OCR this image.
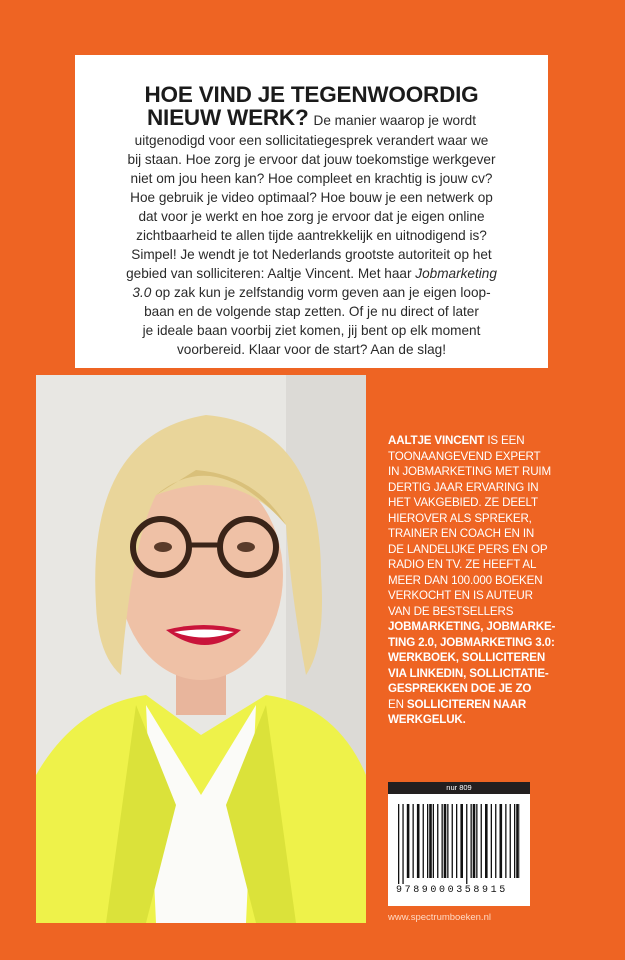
HOE VIND JE TEGENWOORDIG
NIEUW WERK? De manier waarop je wordt
uitgenodigd voor een sollicitatiegesprek verandert waar we
bij staan. Hoe zorg je ervoor dat jouw toekomstige werkgever
niet om jou heen kan? Hoe compleet en krachtig is jouw cv?
Hoe gebruik je video optimaal? Hoe bouw je een netwerk op
dat voor je werkt en hoe zorg je ervoor dat je eigen online
zichtbaarheid te allen tijde aantrekkelijk en uitnodigend is?
Simpel! Je wendt je tot Nederlands grootste autoriteit op het
gebied van solliciteren: Aaltje Vincent. Met haar Jobmarketing
3.0 op zak kun je zelfstandig vorm geven aan je eigen loop-
baan en de volgende stap zetten. Of je nu direct of later
je ideale baan voorbij ziet komen, jij bent op elk moment
voorbereid. Klaar voor de start? Aan de slag!
AALTJE VINCENT IS EEN
TOONAANGEVEND EXPERT
IN JOBMARKETING MET RUIM
DERTIG JAAR ERVARING IN
HET VAKGEBIED. ZE DEELT
HIEROVER ALS SPREKER,
TRAINER EN COACH EN IN
DE LANDELIJKE PERS EN OP
RADIO EN TV. ZE HEEFT AL
MEER DAN 100.000 BOEKEN
VERKOCHT EN IS AUTEUR
VAN DE BESTSELLERS
JOBMARKETING, JOBMARKE-
TING 2.0, JOBMARKETING 3.0:
WERKBOEK, SOLLICITEREN
VIA LINKEDIN, SOLLICITATIE-
GESPREKKEN DOE JE ZO
EN SOLLICITEREN NAAR
WERKGELUK.
nur 809
9789000358915
www.spectrumboeken.nl
